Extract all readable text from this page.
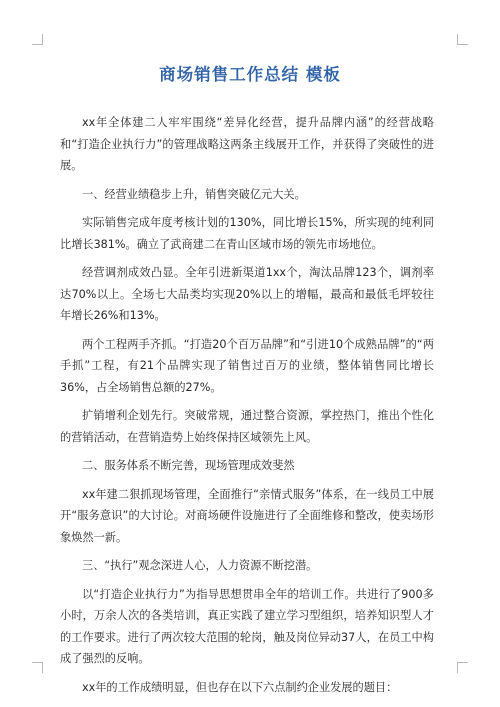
商场销售工作总结 模板

xx年全体建二人牢牢围绕“差异化经营，提升品牌内涵”的经营战略和“打造企业执行力”的管理战略这两条主线展开工作，并获得了突破性的进展。

一、经营业绩稳步上升，销售突破亿元大关。

实际销售完成年度考核计划的130%，同比增长15%，所实现的纯利同比增长381%。确立了武商建二在青山区域市场的领先市场地位。

经营调剂成效凸显。全年引进新渠道1xx个，淘汰品牌123个，调剂率达70%以上。全场七大品类均实现20%以上的增幅，最高和最低毛坪较往年增长26%和13%。

两个工程两手齐抓。“打造20个百万品牌”和“引进10个成熟品牌”的“两手抓”工程，有21个品牌实现了销售过百万的业绩，整体销售同比增长36%，占全场销售总额的27%。

扩销增利企划先行。突破常规，通过整合资源，掌控热门，推出个性化的营销活动，在营销造势上始终保持区域领先上风。

二、服务体系不断完善，现场管理成效斐然

xx年建二狠抓现场管理，全面推行“亲情式服务”体系，在一线员工中展开“服务意识”的大讨论。对商场硬件设施进行了全面维修和整改，使卖场形象焕然一新。

三、“执行”观念深进人心，人力资源不断挖潜。

以“打造企业执行力”为指导思想贯串全年的培训工作。共进行了900多小时，万余人次的各类培训，真正实践了建立学习型组织，培养知识型人才的工作要求。进行了两次较大范围的轮岗，触及岗位异动37人，在员工中构成了强烈的反响。

xx年的工作成绩明显，但也存在以下六点制约企业发展的题目：
